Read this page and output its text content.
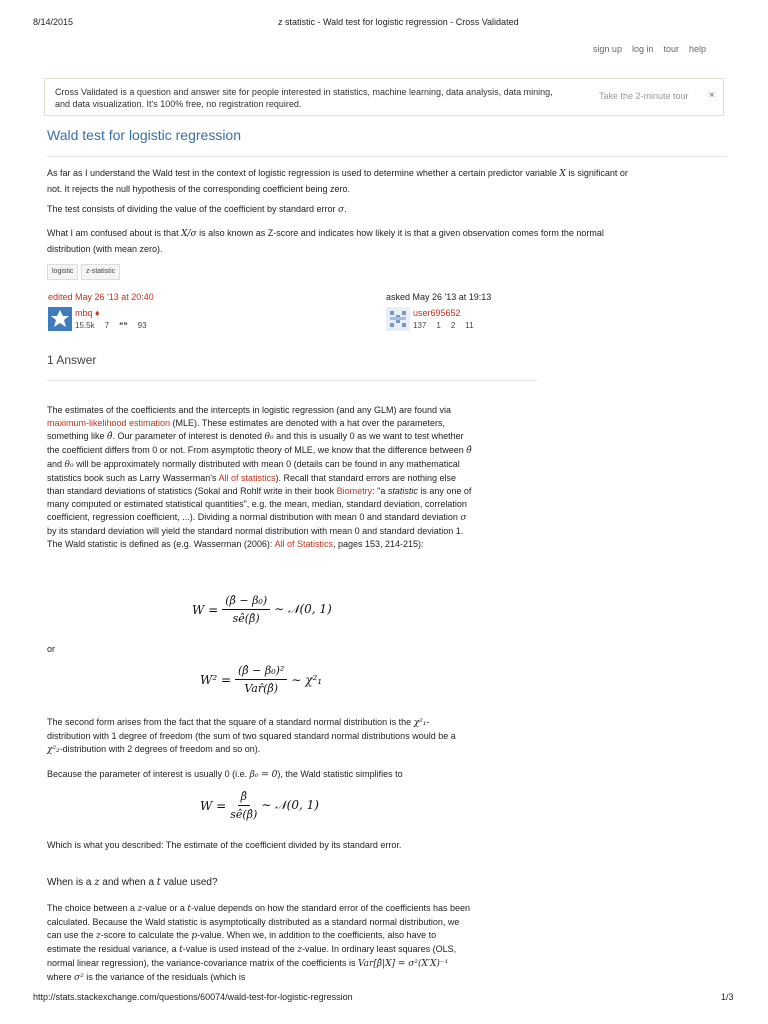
8/14/2015	z statistic - Wald test for logistic regression - Cross Validated
sign up log in tour help
Cross Validated is a question and answer site for people interested in statistics, machine learning, data analysis, data mining, and data visualization. It's 100% free, no registration required.
Take the 2-minute tour ×
Wald test for logistic regression
As far as I understand the Wald test in the context of logistic regression is used to determine whether a certain predictor variable X is significant or not. It rejects the null hypothesis of the corresponding coefficient being zero.
The test consists of dividing the value of the coefficient by standard error σ.
What I am confused about is that X/σ is also known as Z-score and indicates how likely it is that a given observation comes form the normal distribution (with mean zero).
logistic	z-statistic
edited May 26 '13 at 20:40
mbq ♦
15.5k 7 ❝❝ 93
asked May 26 '13 at 19:13
user695652
137 1 2 11
1 Answer
The estimates of the coefficients and the intercepts in logistic regression (and any GLM) are found via maximum-likelihood estimation (MLE). These estimates are denoted with a hat over the parameters, something like θ̂. Our parameter of interest is denoted θ₀ and this is usually 0 as we want to test whether the coefficient differs from 0 or not. From asymptotic theory of MLE, we know that the difference between θ̂ and θ₀ will be approximately normally distributed with mean 0 (details can be found in any mathematical statistics book such as Larry Wasserman's All of statistics). Recall that standard errors are nothing else than standard deviations of statistics (Sokal and Rohlf write in their book Biometry: "a statistic is any one of many computed or estimated statistical quantities", e.g. the mean, median, standard deviation, correlation coefficient, regression coefficient, ...). Dividing a normal distribution with mean 0 and standard deviation σ by its standard deviation will yield the standard normal distribution with mean 0 and standard deviation 1. The Wald statistic is defined as (e.g. Wasserman (2006): All of Statistics, pages 153, 214-215):
$W = \frac{\text{(β̂ − β₀)}}{sê(\betâ)}$ ∼ 𝒩(0, 1)
or
$W^2 = \frac{\text{(β̂ − β₀)²}}{\text{Var̂(β̂)}}$ ∼ χ²₁
The second form arises from the fact that the square of a standard normal distribution is the χ²₁-distribution with 1 degree of freedom (the sum of two squared standard normal distributions would be a χ²₂-distribution with 2 degrees of freedom and so on).
Because the parameter of interest is usually 0 (i.e. β₀ = 0), the Wald statistic simplifies to
$W = \frac{\betâ}{sê(\betâ)}$ ∼ 𝒩(0, 1)
Which is what you described: The estimate of the coefficient divided by its standard error.
When is a z and when a t value used?
The choice between a z-value or a t-value depends on how the standard error of the coefficients has been calculated. Because the Wald statistic is asymptotically distributed as a standard normal distribution, we can use the z-score to calculate the p-value. When we, in addition to the coefficients, also have to estimate the residual variance, a t-value is used instead of the z-value. In ordinary least squares (OLS, normal linear regression), the variance-covariance matrix of the coefficients is Var[β̂|X] = σ²(X′X)⁻¹ where σ² is the variance of the residuals (which is
http://stats.stackexchange.com/questions/60074/wald-test-for-logistic-regression	1/3
